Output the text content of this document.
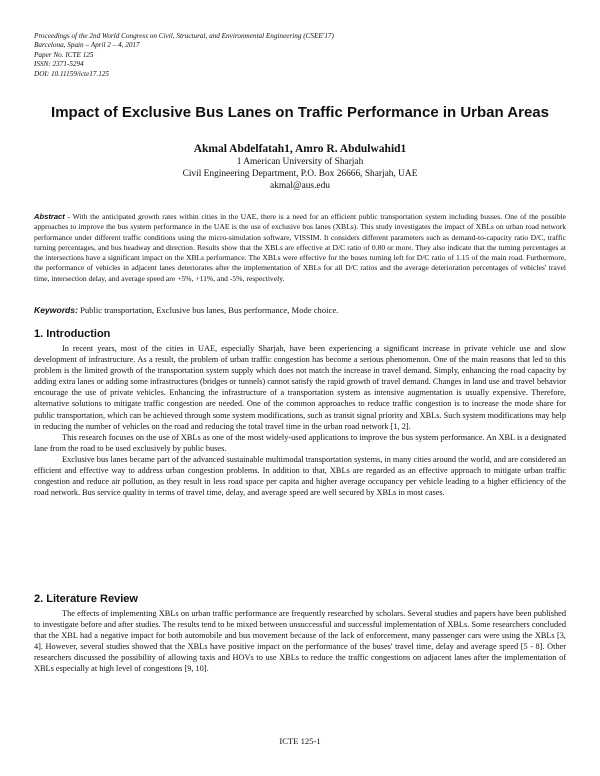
Proceedings of the 2nd World Congress on Civil, Structural, and Environmental Engineering (CSEE'17)
Barcelona, Spain – April 2 – 4, 2017
Paper No. ICTE 125
ISSN: 2371-5294
DOI: 10.11159/icte17.125
Impact of Exclusive Bus Lanes on Traffic Performance in Urban Areas
Akmal Abdelfatah1, Amro R. Abdulwahid1
1 American University of Sharjah
Civil Engineering Department, P.O. Box 26666, Sharjah, UAE
akmal@aus.edu
Abstract - With the anticipated growth rates within cities in the UAE, there is a need for an efficient public transportation system including busses. One of the possible approaches to improve the bus system performance in the UAE is the use of exclusive bus lanes (XBLs). This study investigates the impact of XBLs on urban road network performance under different traffic conditions using the micro-simulation software, VISSIM. It considers different parameters such as demand-to-capacity ratio D/C, traffic turning percentages, and bus headway and direction. Results show that the XBLs are effective at D/C ratio of 0.80 or more. They also indicate that the turning percentages at the intersections have a significant impact on the XBLs performance. The XBLs were effective for the buses turning left for D/C ratio of 1.15 of the main road. Furthermore, the performance of vehicles in adjacent lanes deteriorates after the implementation of XBLs for all D/C ratios and the average deterioration percentages of vehicles' travel time, intersection delay, and average speed are +5%, +11%, and -5%, respectively.
Keywords: Public transportation, Exclusive bus lanes, Bus performance, Mode choice.
1. Introduction

In recent years, most of the cities in UAE, especially Sharjah, have been experiencing a significant increase in private vehicle use and slow development of infrastructure. As a result, the problem of urban traffic congestion has become a serious phenomenon. One of the main reasons that led to this problem is the limited growth of the transportation system supply which does not match the increase in travel demand. Simply, enhancing the road capacity by adding extra lanes or adding some infrastructures (bridges or tunnels) cannot satisfy the rapid growth of travel demand. Changes in land use and travel behavior encourage the use of private vehicles. Enhancing the infrastructure of a transportation system as intensive augmentation is usually expensive. Therefore, alternative solutions to mitigate traffic congestion are needed. One of the common approaches to reduce traffic congestion is to increase the mode share for public transportation, which can be achieved through some system modifications, such as transit signal priority and XBLs. Such system modifications may help in reducing the number of vehicles on the road and reducing the total travel time in the urban road network [1, 2].

This research focuses on the use of XBLs as one of the most widely-used applications to improve the bus system performance. An XBL is a designated lane from the road to be used exclusively by public buses.

Exclusive bus lanes became part of the advanced sustainable multimodal transportation systems, in many cities around the world, and are considered an efficient and effective way to address urban congestion problems. In addition to that, XBLs are regarded as an effective approach to mitigate urban traffic congestion and reduce air pollution, as they result in less road space per capita and higher average occupancy per vehicle leading to a higher efficiency of the road network. Bus service quality in terms of travel time, delay, and average speed are well secured by XBLs in most cases.

2. Literature Review

The effects of implementing XBLs on urban traffic performance are frequently researched by scholars. Several studies and papers have been published to investigate before and after studies. The results tend to be mixed between unsuccessful and successful implementation of XBLs. Some researchers concluded that the XBL had a negative impact for both automobile and bus movement because of the lack of enforcement, many passenger cars were using the XBLs [3, 4]. However, several studies showed that the XBLs have positive impact on the performance of the buses' travel time, delay and average speed [5 - 8]. Other researchers discussed the possibility of allowing taxis and HOVs to use XBLs to reduce the traffic congestions on adjacent lanes after the implementation of XBLs especially at high level of congestions [9, 10].

ICTE 125-1
